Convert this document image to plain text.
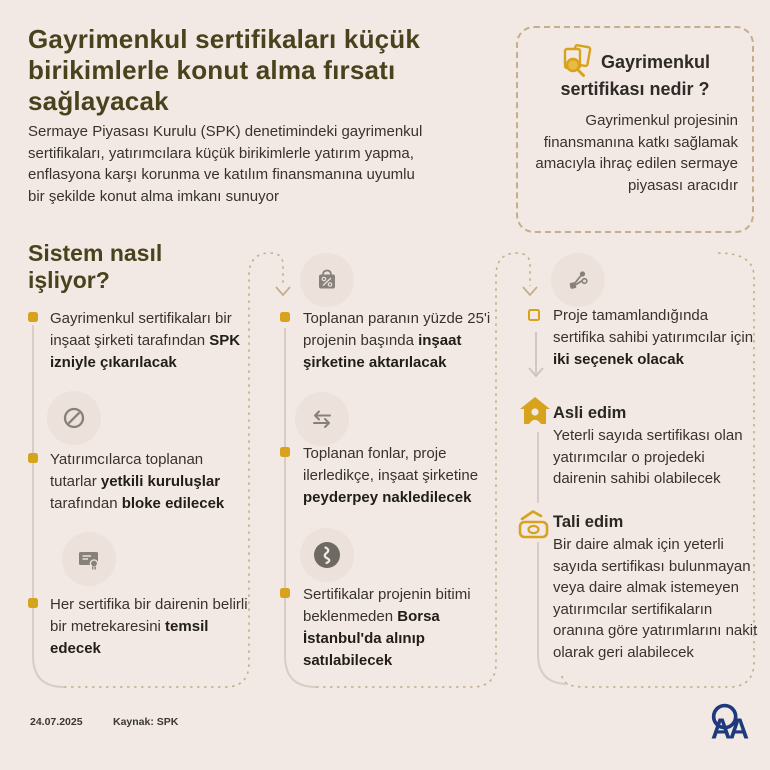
Gayrimenkul sertifikaları küçük birikimlerle konut alma fırsatı sağlayacak

Sermaye Piyasası Kurulu (SPK) denetimindeki gayrimenkul sertifikaları, yatırımcılara küçük birikimlerle yatırım yapma, enflasyona karşı korunma ve katılım finansmanına uyumlu bir şekilde konut alma imkanı sunuyor

Gayrimenkul sertifikası nedir ?

Gayrimenkul projesinin finansmanına katkı sağlamak amacıyla ihraç edilen sermaye piyasası aracıdır

Sistem nasıl işliyor?

Gayrimenkul sertifikaları bir inşaat şirketi tarafından SPK izniyle çıkarılacak

Yatırımcılarca toplanan tutarlar yetkili kuruluşlar tarafından bloke edilecek

Her sertifika bir dairenin belirli bir metrekaresini temsil edecek

Toplanan paranın yüzde 25'i projenin başında inşaat şirketine aktarılacak

Toplanan fonlar, proje ilerledikçe, inşaat şirketine peyderpey nakledilecek

Sertifikalar projenin bitimi beklenmeden Borsa İstanbul'da alınıp satılabilecek

Proje tamamlandığında sertifika sahibi yatırımcılar için iki seçenek olacak

Asli edim

Yeterli sayıda sertifikası olan yatırımcılar o projedeki dairenin sahibi olabilecek

Tali edim

Bir daire almak için yeterli sayıda sertifikası bulunmayan veya daire almak istemeyen yatırımcılar sertifikaların oranına göre yatırımlarını nakit olarak geri alabilecek

24.07.2025	Kaynak: SPK	AA
